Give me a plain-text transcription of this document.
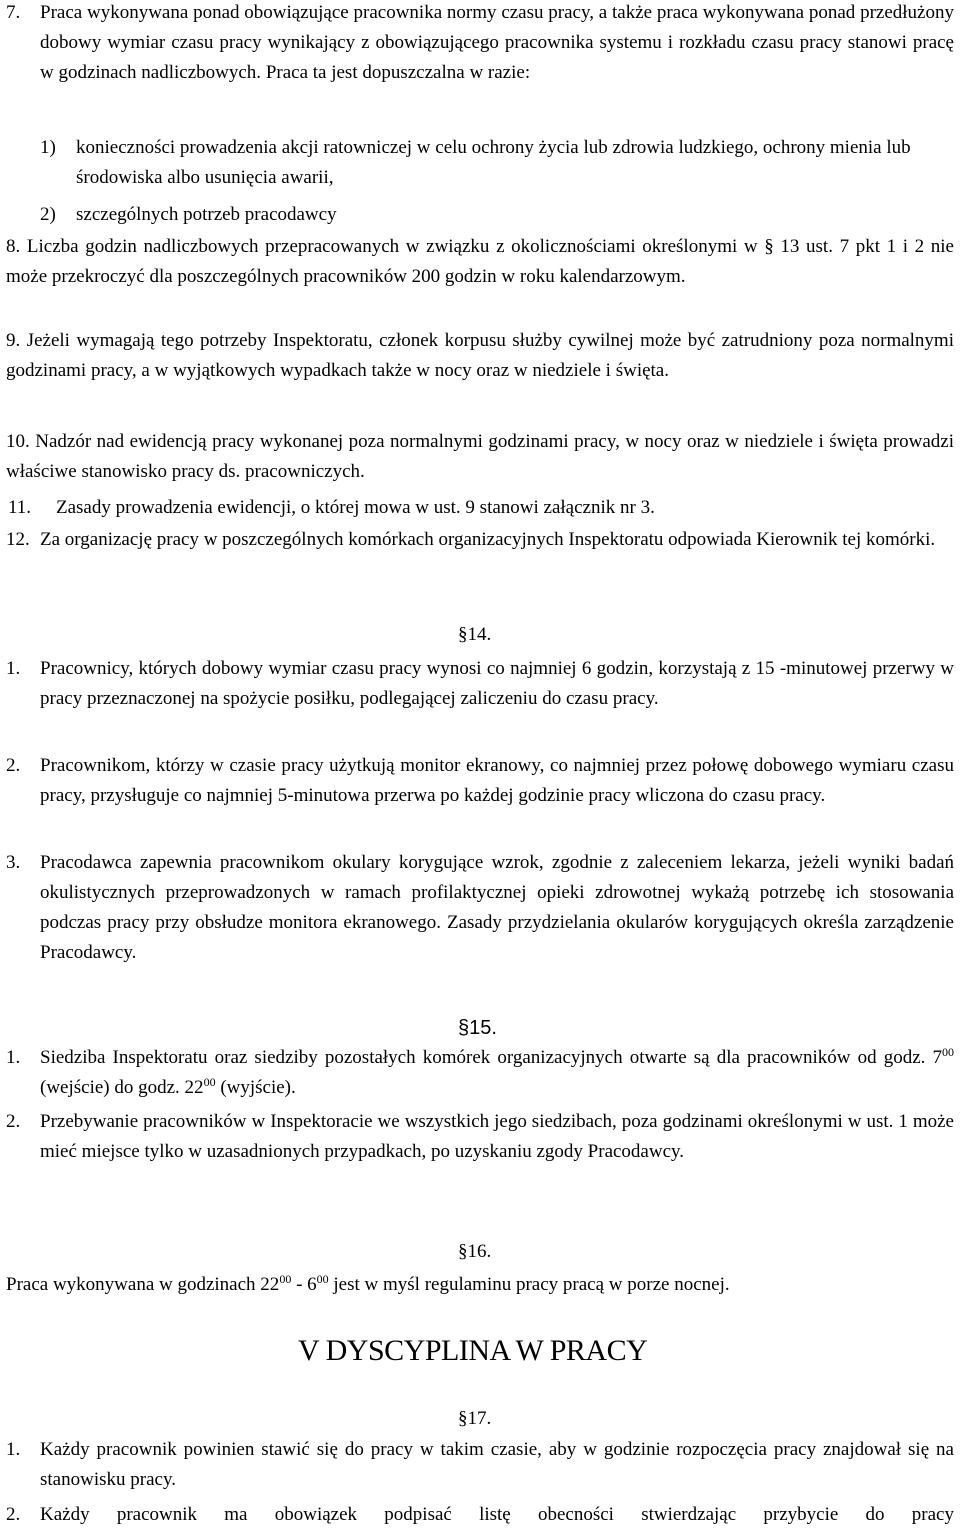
7.	Praca wykonywana ponad obowiązujące pracownika normy czasu pracy, a także praca wykonywana ponad przedłużony dobowy wymiar czasu pracy wynikający z obowiązującego pracownika systemu i rozkładu czasu pracy stanowi pracę w godzinach nadliczbowych. Praca ta jest dopuszczalna w razie:
1)	konieczności prowadzenia akcji ratowniczej w celu ochrony życia lub zdrowia ludzkiego, ochrony mienia lub środowiska albo usunięcia awarii,
2)	szczególnych potrzeb pracodawcy
8. Liczba godzin nadliczbowych przepracowanych w związku z okolicznościami określonymi w § 13 ust. 7 pkt 1 i 2 nie może przekroczyć dla poszczególnych pracowników 200 godzin w roku kalendarzowym.
9. Jeżeli wymagają tego potrzeby Inspektoratu, członek korpusu służby cywilnej może być zatrudniony poza normalnymi godzinami pracy, a w wyjątkowych wypadkach także w nocy oraz w niedziele i święta.
10. Nadzór nad ewidencją pracy wykonanej poza normalnymi godzinami pracy, w nocy oraz w niedziele i święta prowadzi właściwe stanowisko pracy ds. pracowniczych.
11.	Zasady prowadzenia ewidencji, o której mowa w ust. 9 stanowi załącznik nr 3.
12. Za organizację pracy w poszczególnych komórkach organizacyjnych Inspektoratu odpowiada Kierownik tej komórki.
§14.
1.	Pracownicy, których dobowy wymiar czasu pracy wynosi co najmniej 6 godzin, korzystają z 15 -minutowej przerwy w pracy przeznaczonej na spożycie posiłku, podlegającej zaliczeniu do czasu pracy.
2.	Pracownikom, którzy w czasie pracy użytkują monitor ekranowy, co najmniej przez połowę dobowego wymiaru czasu pracy, przysługuje co najmniej 5-minutowa przerwa po każdej godzinie pracy wliczona do czasu pracy.
3.	Pracodawca zapewnia pracownikom okulary korygujące wzrok, zgodnie z zaleceniem lekarza, jeżeli wyniki badań okulistycznych przeprowadzonych w ramach profilaktycznej opieki zdrowotnej wykażą potrzebę ich stosowania podczas pracy przy obsłudze monitora ekranowego. Zasady przydzielania okularów korygujących określa zarządzenie Pracodawcy.
§15.
1.	Siedziba Inspektoratu oraz siedziby pozostałych komórek organizacyjnych otwarte są dla pracowników od godz. $7^{00}$ (wejście) do godz. $22^{00}$ (wyjście).
2.	Przebywanie pracowników w Inspektoracie we wszystkich jego siedzibach, poza godzinami określonymi w ust. 1 może mieć miejsce tylko w uzasadnionych przypadkach, po uzyskaniu zgody Pracodawcy.
§16.
Praca wykonywana w godzinach $22^{00} - 6^{00}$ jest w myśl regulaminu pracy pracą w porze nocnej.
V DYSCYPLINA W PRACY
§17.
1.	Każdy pracownik powinien stawić się do pracy w takim czasie, aby w godzinie rozpoczęcia pracy znajdował się na stanowisku pracy.
2.	Każdy pracownik ma obowiązek podpisać listę obecności stwierdzając przybycie do pracy
